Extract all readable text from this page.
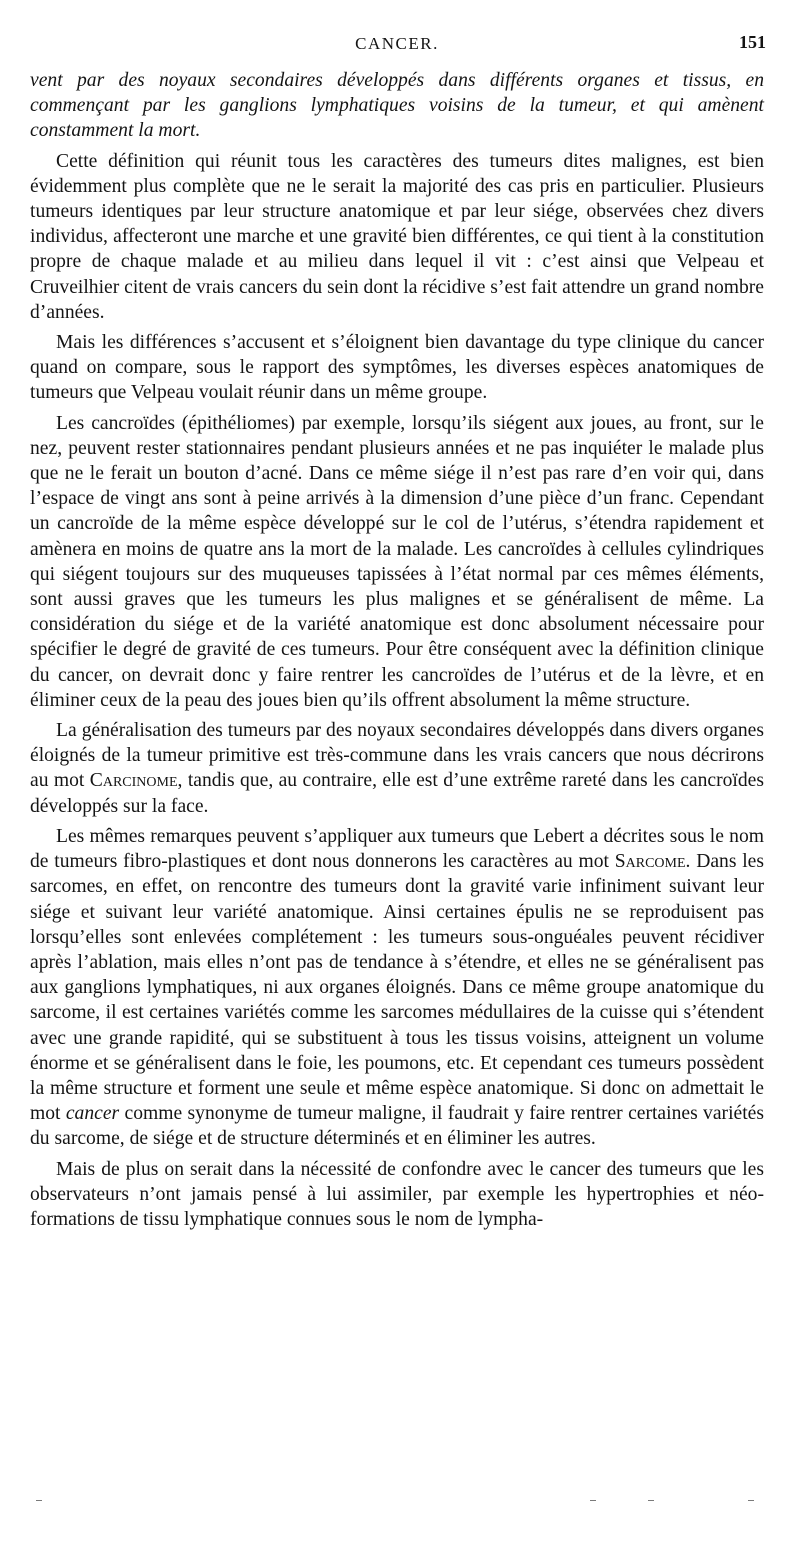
CANCER.	151

vent par des noyaux secondaires développés dans différents organes et tissus, en commençant par les ganglions lymphatiques voisins de la tumeur, et qui amènent constamment la mort.

Cette définition qui réunit tous les caractères des tumeurs dites malignes, est bien évidemment plus complète que ne le serait la majorité des cas pris en particulier. Plusieurs tumeurs identiques par leur structure anatomique et par leur siége, observées chez divers individus, affecteront une marche et une gravité bien différentes, ce qui tient à la constitution propre de chaque malade et au milieu dans lequel il vit : c’est ainsi que Velpeau et Cruveilhier citent de vrais cancers du sein dont la récidive s’est fait attendre un grand nombre d’années.

Mais les différences s’accusent et s’éloignent bien davantage du type clinique du cancer quand on compare, sous le rapport des symptômes, les diverses espèces anatomiques de tumeurs que Velpeau voulait réunir dans un même groupe.

Les cancroïdes (épithéliomes) par exemple, lorsqu’ils siégent aux joues, au front, sur le nez, peuvent rester stationnaires pendant plusieurs années et ne pas inquiéter le malade plus que ne le ferait un bouton d’acné. Dans ce même siége il n’est pas rare d’en voir qui, dans l’espace de vingt ans sont à peine arrivés à la dimension d’une pièce d’un franc. Cependant un cancroïde de la même espèce développé sur le col de l’utérus, s’étendra rapidement et amènera en moins de quatre ans la mort de la malade. Les cancroïdes à cellules cylindriques qui siégent toujours sur des muqueuses tapissées à l’état normal par ces mêmes éléments, sont aussi graves que les tumeurs les plus malignes et se généralisent de même. La considération du siége et de la variété anatomique est donc absolument nécessaire pour spécifier le degré de gravité de ces tumeurs. Pour être conséquent avec la définition clinique du cancer, on devrait donc y faire rentrer les cancroïdes de l’utérus et de la lèvre, et en éliminer ceux de la peau des joues bien qu’ils offrent absolument la même structure.

La généralisation des tumeurs par des noyaux secondaires développés dans divers organes éloignés de la tumeur primitive est très-commune dans les vrais cancers que nous décrirons au mot Carcinome, tandis que, au contraire, elle est d’une extrême rareté dans les cancroïdes développés sur la face.

Les mêmes remarques peuvent s’appliquer aux tumeurs que Lebert a décrites sous le nom de tumeurs fibro-plastiques et dont nous donnerons les caractères au mot Sarcome. Dans les sarcomes, en effet, on rencontre des tumeurs dont la gravité varie infiniment suivant leur siége et suivant leur variété anatomique. Ainsi certaines épulis ne se reproduisent pas lorsqu’elles sont enlevées complétement : les tumeurs sous-onguéales peuvent récidiver après l’ablation, mais elles n’ont pas de tendance à s’étendre, et elles ne se généralisent pas aux ganglions lymphatiques, ni aux organes éloignés. Dans ce même groupe anatomique du sarcome, il est certaines variétés comme les sarcomes médullaires de la cuisse qui s’étendent avec une grande rapidité, qui se substituent à tous les tissus voisins, atteignent un volume énorme et se généralisent dans le foie, les poumons, etc. Et cependant ces tumeurs possèdent la même structure et forment une seule et même espèce anatomique. Si donc on admettait le mot cancer comme synonyme de tumeur maligne, il faudrait y faire rentrer certaines variétés du sarcome, de siége et de structure déterminés et en éliminer les autres.

Mais de plus on serait dans la nécessité de confondre avec le cancer des tumeurs que les observateurs n’ont jamais pensé à lui assimiler, par exemple les hypertrophies et néo-formations de tissu lymphatique connues sous le nom de lympha-
